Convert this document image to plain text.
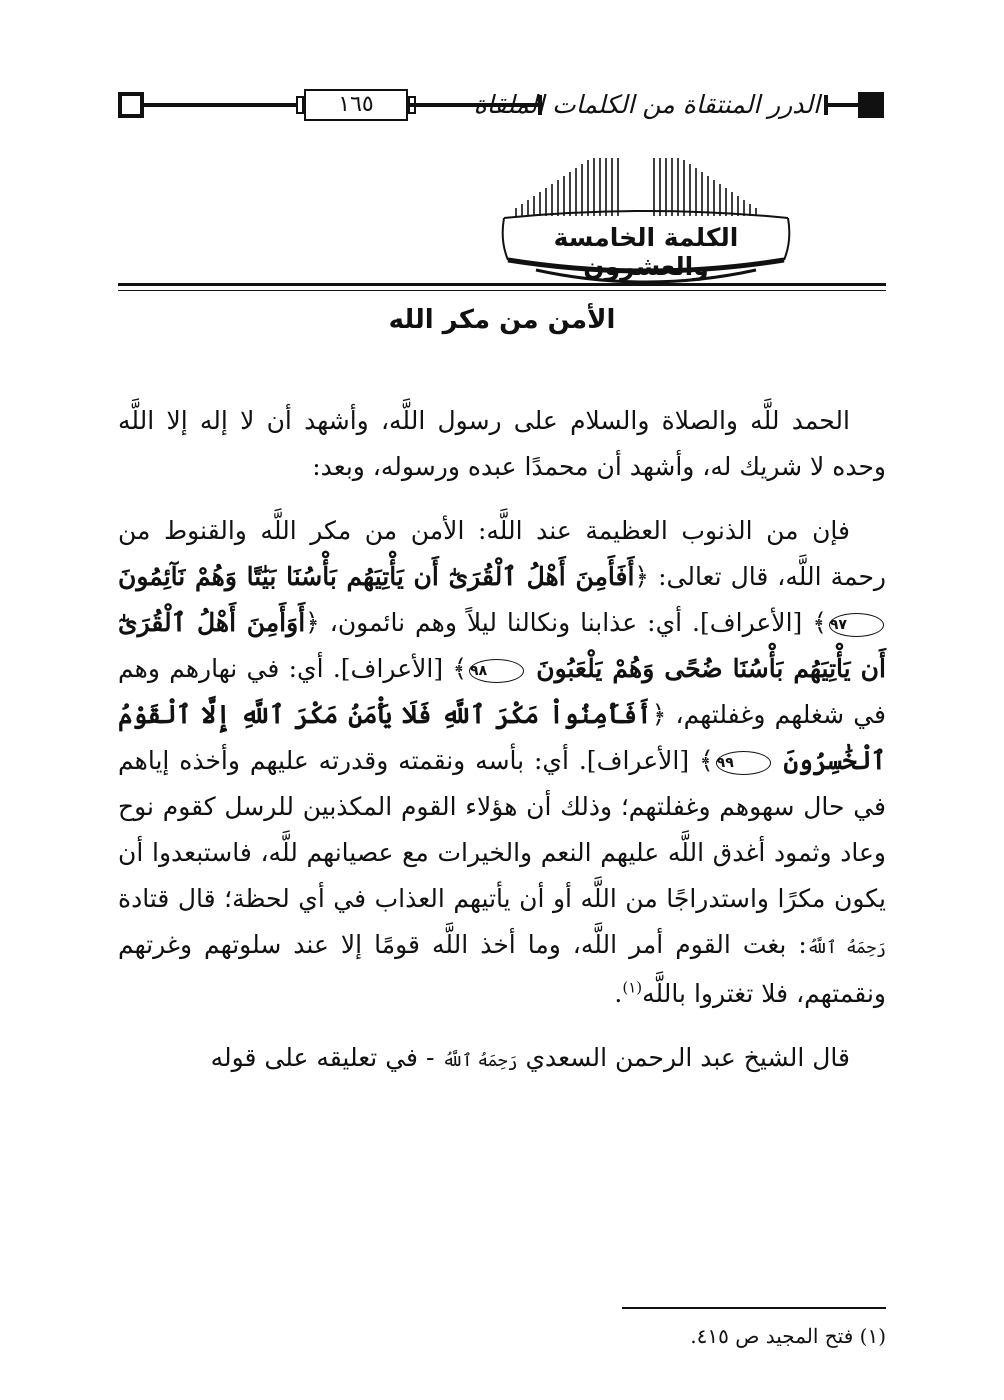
١٦٥	الدرر المنتقاة من الكلمات الملقاة
الكلمة الخامسة والعشرون
الأمن من مكر الله

الحمد للَّه والصلاة والسلام على رسول اللَّه، وأشهد أن لا إله إلا اللَّه وحده لا شريك له، وأشهد أن محمدًا عبده ورسوله، وبعد:

فإن من الذنوب العظيمة عند اللَّه: الأمن من مكر اللَّه والقنوط من رحمة اللَّه، قال تعالى: ﴿أَفَأَمِنَ أَهْلُ ٱلْقُرَىٰٓ أَن يَأْتِيَهُم بَأْسُنَا بَيَٰتًا وَهُمْ نَآئِمُونَ ٩٧﴾ [الأعراف]. أي: عذابنا ونكالنا ليلاً وهم نائمون، ﴿أَوَأَمِنَ أَهْلُ ٱلْقُرَىٰٓ أَن يَأْتِيَهُم بَأْسُنَا ضُحًى وَهُمْ يَلْعَبُونَ ٩٨﴾ [الأعراف]. أي: في نهارهم وهم في شغلهم وغفلتهم، ﴿أَفَأَمِنُواْ مَكْرَ ٱللَّهِ فَلَا يَأْمَنُ مَكْرَ ٱللَّهِ إِلَّا ٱلْقَوْمُ ٱلْخَٰسِرُونَ ٩٩﴾ [الأعراف]. أي: بأسه ونقمته وقدرته عليهم وأخذه إياهم في حال سهوهم وغفلتهم؛ وذلك أن هؤلاء القوم المكذبين للرسل كقوم نوح وعاد وثمود أغدق اللَّه عليهم النعم والخيرات مع عصيانهم للَّه، فاستبعدوا أن يكون مكرًا واستدراجًا من اللَّه أو أن يأتيهم العذاب في أي لحظة؛ قال قتادة رَحِمَهُ ٱللَّهُ: بغت القوم أمر اللَّه، وما أخذ اللَّه قومًا إلا عند سلوتهم وغرتهم ونقمتهم، فلا تغتروا باللَّه$^{(١)}$.

قال الشيخ عبد الرحمن السعدي رَحِمَهُ ٱللَّهُ - في تعليقه على قوله

(١) فتح المجيد ص ٤١٥.
